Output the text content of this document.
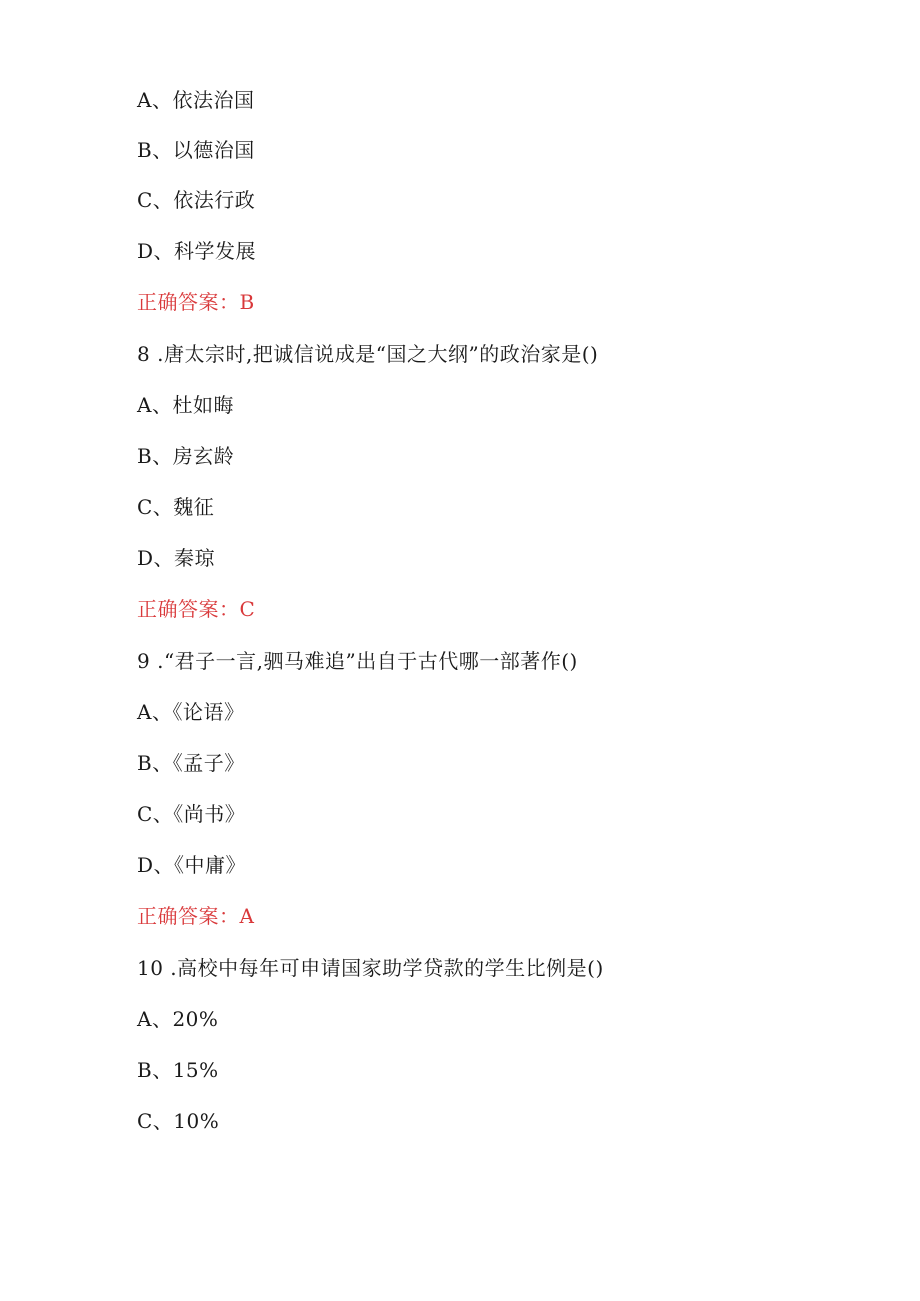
A、依法治国
B、以德治国
C、依法行政
D、科学发展
正确答案：B
8 .唐太宗时,把诚信说成是“国之大纲”的政治家是()
A、杜如晦
B、房玄龄
C、魏征
D、秦琼
正确答案：C
9 .“君子一言,驷马难追”出自于古代哪一部著作()
A、《论语》
B、《孟子》
C、《尚书》
D、《中庸》
正确答案：A
10 .高校中每年可申请国家助学贷款的学生比例是()
A、20%
B、15%
C、10%
